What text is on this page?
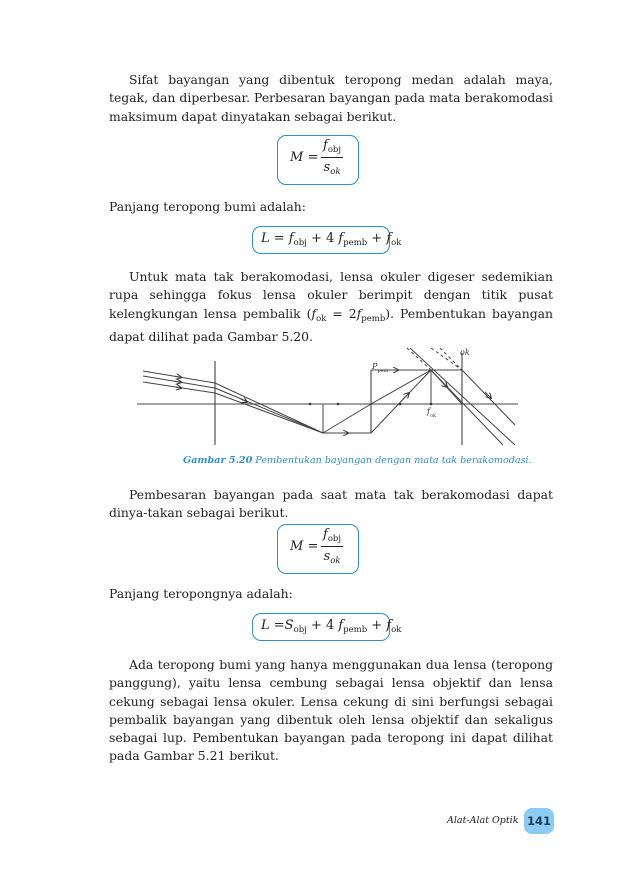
Sifat bayangan yang dibentuk teropong medan adalah maya, tegak, dan diperbesar. Perbesaran bayangan pada mata berakomodasi maksimum dapat dinyatakan sebagai berikut.

M =
$f_{obj}$
$s_{ok}$

Panjang teropong bumi adalah:

$L = f_{obj} + 4$ $f_{pemb} + f_{ok}$

Untuk mata tak berakomodasi, lensa okuler digeser sedemikian rupa sehingga fokus lensa okuler berimpit dengan titik pusat kelengkungan lensa pembalik $(f_{ok} = 2f_{pemb})$. Pembentukan bayangan dapat dilihat pada Gambar 5.20.

$P_{pem}$
$f_{ok}$
ok
Gambar 5.20 Pembentukan bayangan dengan mata tak berakomodasi.

Pembesaran bayangan pada saat mata tak berakomodasi dapat dinya-takan sebagai berikut.

M =
$f_{obj}$
$s_{ok}$

Panjang teropongnya adalah:

$L =S_{obj} + 4$ $f_{pemb} + f_{ok}$

Ada teropong bumi yang hanya menggunakan dua lensa (teropong panggung), yaitu lensa cembung sebagai lensa objektif dan lensa cekung sebagai lensa okuler. Lensa cekung di sini berfungsi sebagai pembalik bayangan yang dibentuk oleh lensa objektif dan sekaligus sebagai lup. Pembentukan bayangan pada teropong ini dapat dilihat pada Gambar 5.21 berikut.

Alat-Alat Optik 141
